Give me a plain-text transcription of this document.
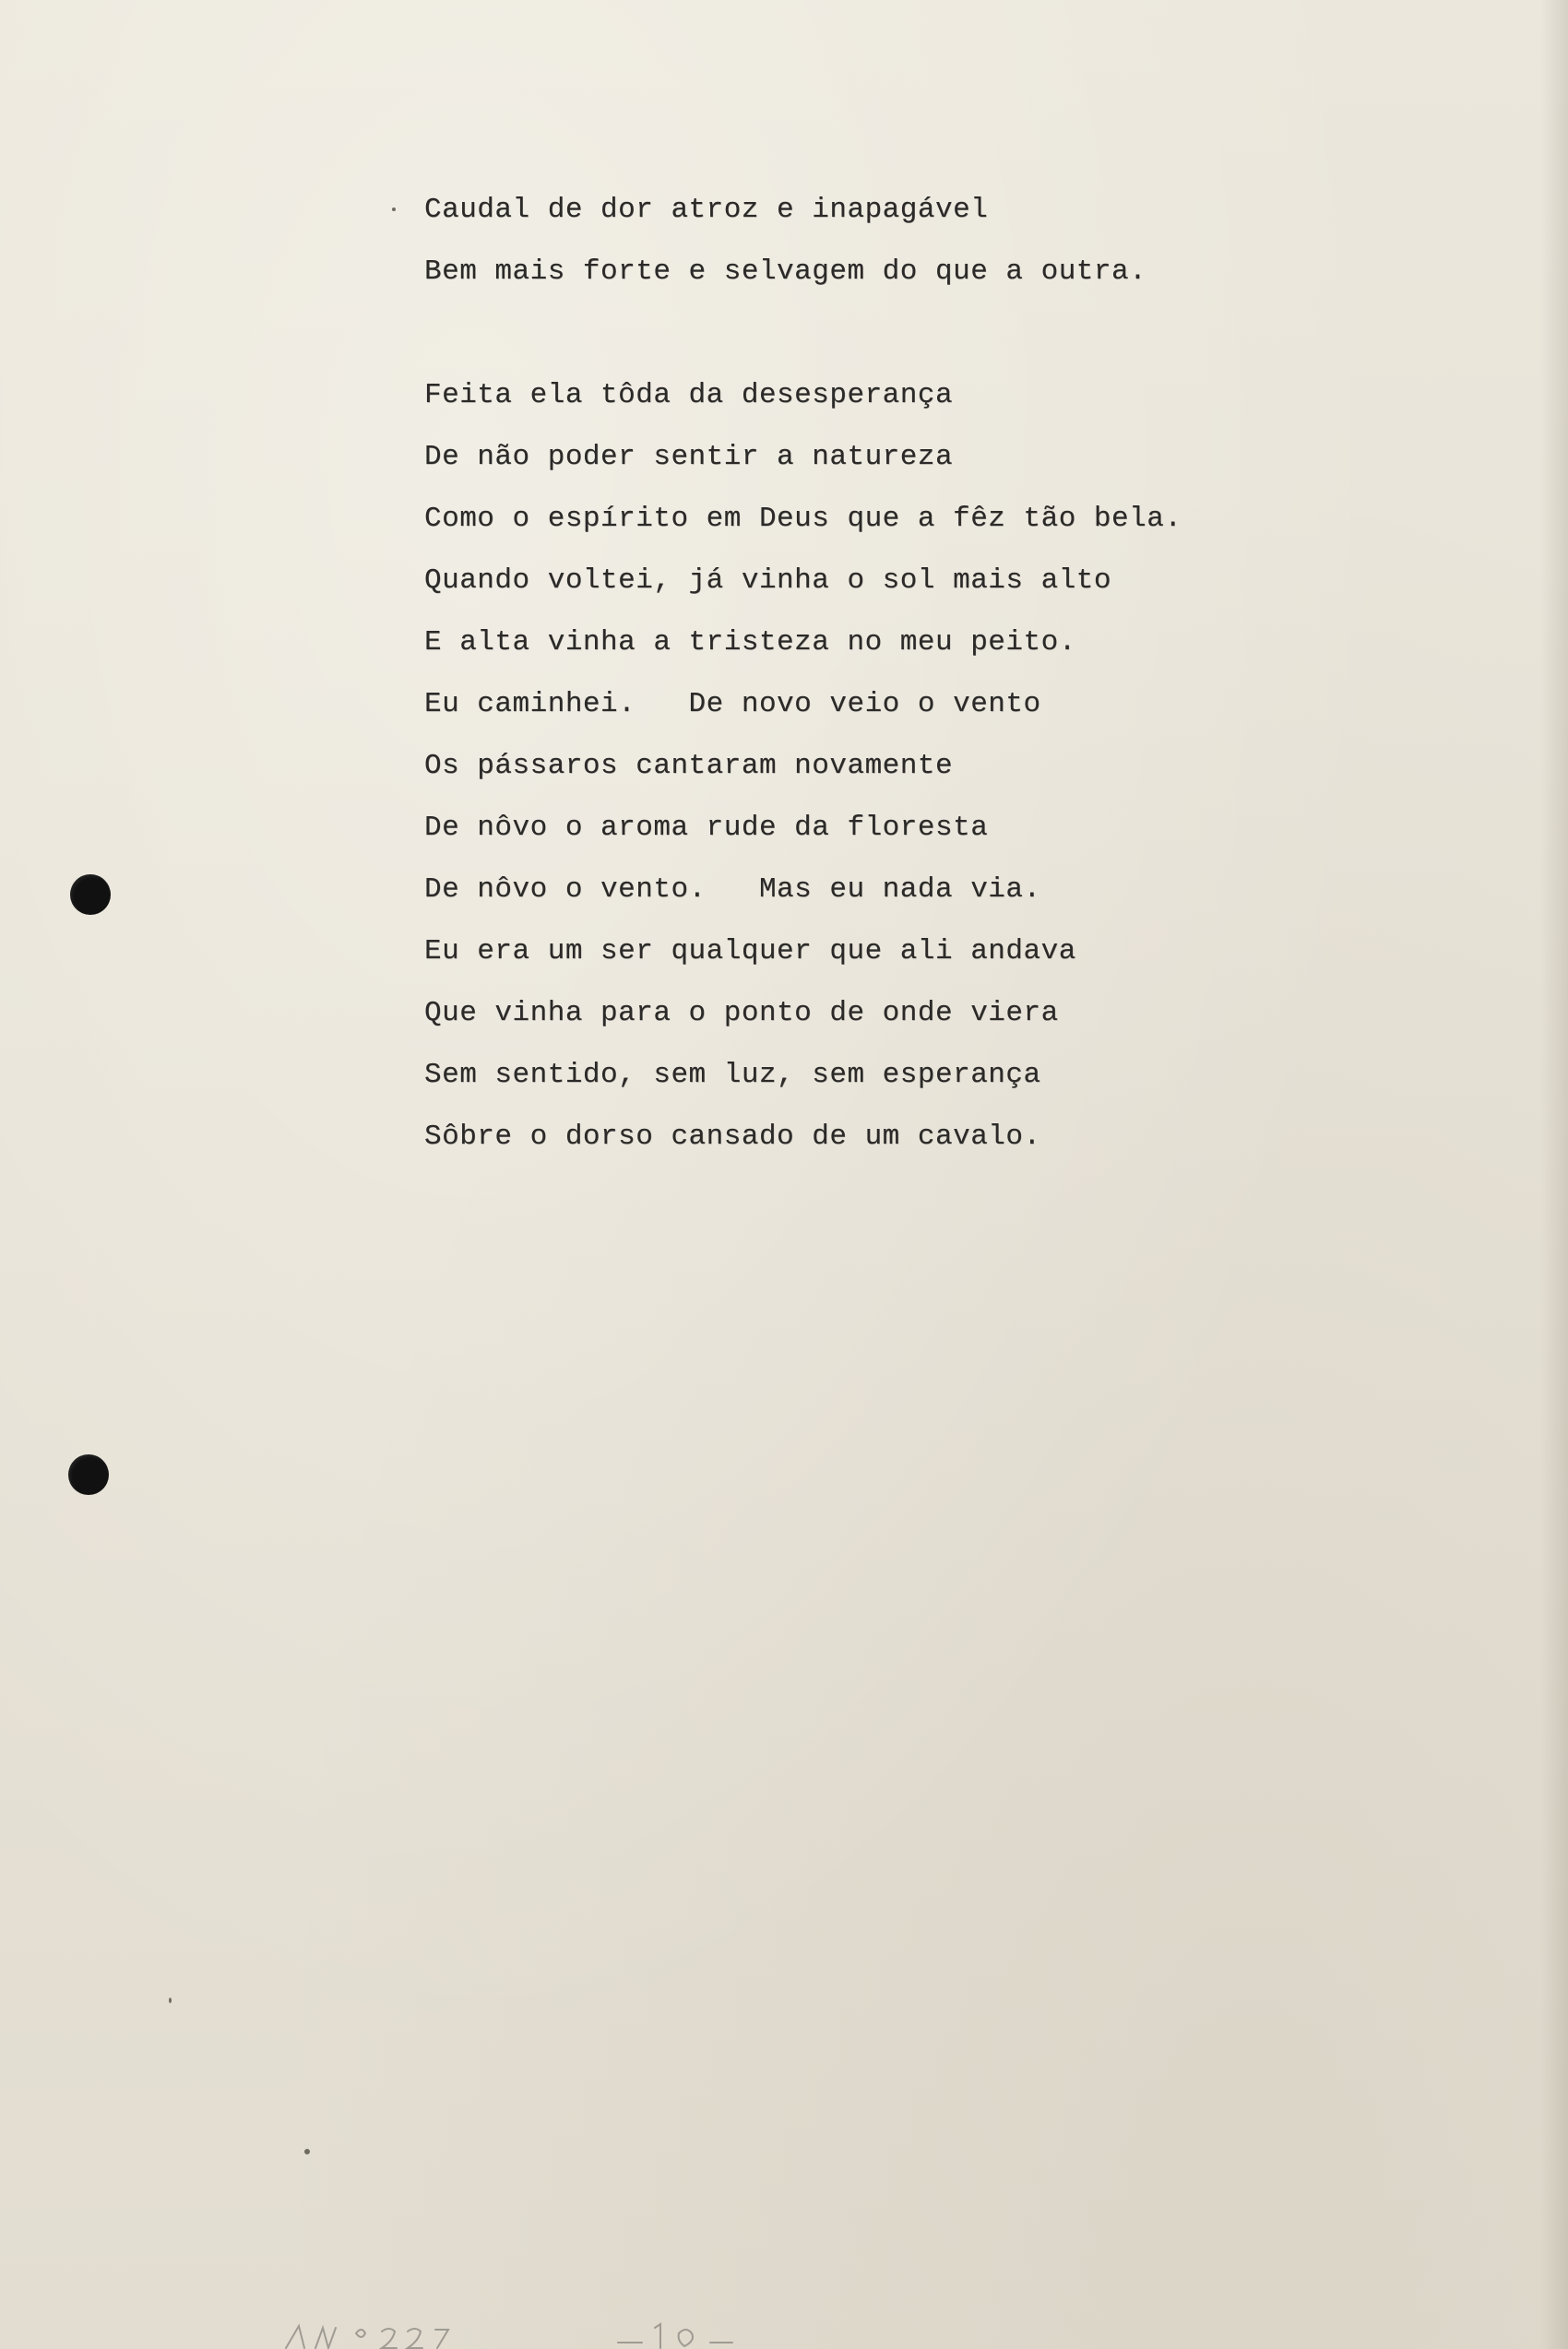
Caudal de dor atroz e inapagável
Bem mais forte e selvagem do que a outra.
Feita ela tôda da desesperança
De não poder sentir a natureza
Como o espírito em Deus que a fêz tão bela.
Quando voltei, já vinha o sol mais alto
E alta vinha a tristeza no meu peito.
Eu caminhei.   De novo veio o vento
Os pássaros cantaram novamente
De nôvo o aroma rude da floresta
De nôvo o vento.   Mas eu nada via.
Eu era um ser qualquer que ali andava
Que vinha para o ponto de onde viera
Sem sentido, sem luz, sem esperança
Sôbre o dorso cansado de um cavalo.
